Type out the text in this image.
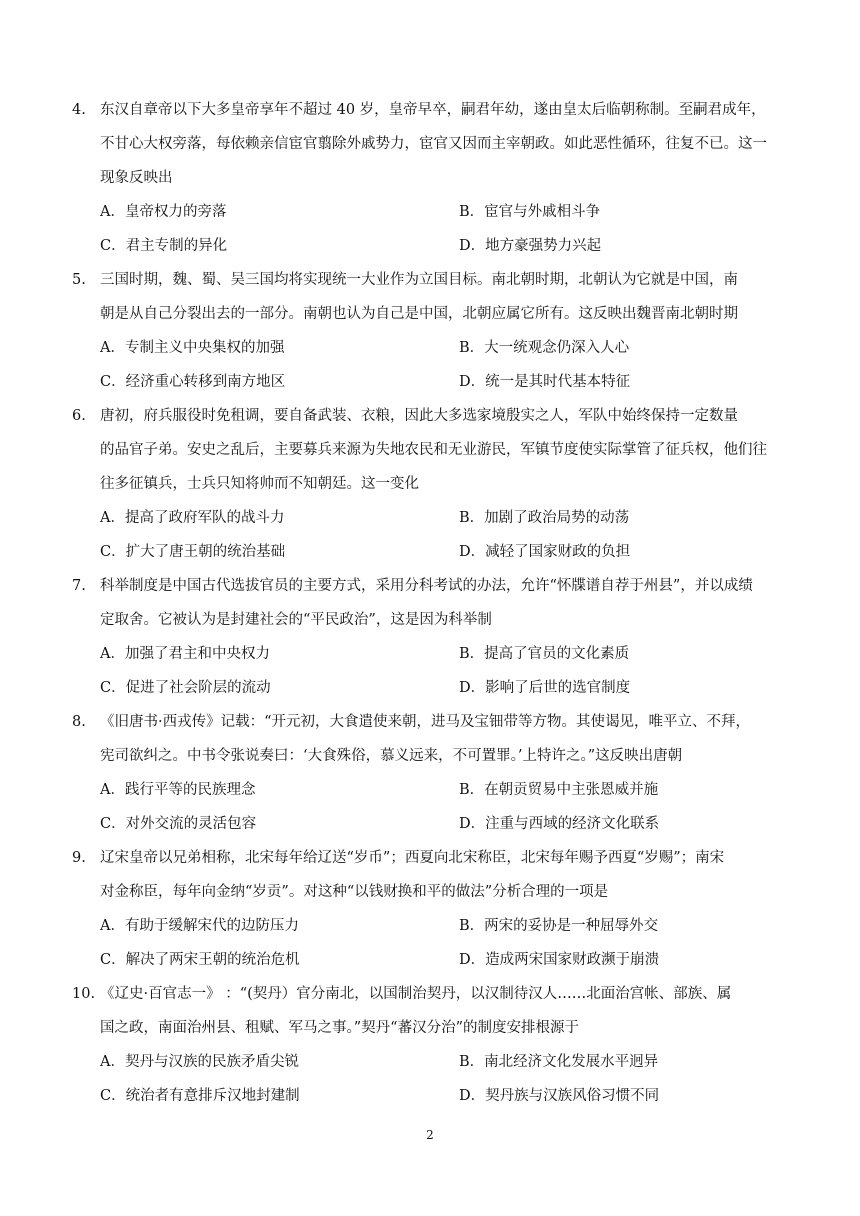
4. 东汉自章帝以下大多皇帝享年不超过 40 岁，皇帝早卒，嗣君年幼，遂由皇太后临朝称制。至嗣君成年，
不甘心大权旁落，每依赖亲信宦官翦除外戚势力，宦官又因而主宰朝政。如此恶性循环，往复不已。这一
现象反映出
A．皇帝权力的旁落	B．宦官与外戚相斗争
C．君主专制的异化	D．地方豪强势力兴起
5. 三国时期，魏、蜀、吴三国均将实现统一大业作为立国目标。南北朝时期，北朝认为它就是中国，南
朝是从自己分裂出去的一部分。南朝也认为自己是中国，北朝应属它所有。这反映出魏晋南北朝时期
A．专制主义中央集权的加强	B．大一统观念仍深入人心
C．经济重心转移到南方地区	D．统一是其时代基本特征
6. 唐初，府兵服役时免租调，要自备武装、衣粮，因此大多选家境殷实之人，军队中始终保持一定数量
的品官子弟。安史之乱后，主要募兵来源为失地农民和无业游民，军镇节度使实际掌管了征兵权，他们往
往多征镇兵，士兵只知将帅而不知朝廷。这一变化
A．提高了政府军队的战斗力	B．加剧了政治局势的动荡
C．扩大了唐王朝的统治基础	D．减轻了国家财政的负担
7. 科举制度是中国古代选拔官员的主要方式，采用分科考试的办法，允许“怀牒谱自荐于州县”，并以成绩
定取舍。它被认为是封建社会的“平民政治”，这是因为科举制
A．加强了君主和中央权力	B．提高了官员的文化素质
C．促进了社会阶层的流动	D．影响了后世的选官制度
8. 《旧唐书·西戎传》记载：“开元初，大食遣使来朝，进马及宝钿带等方物。其使谒见，唯平立、不拜，
宪司欲纠之。中书令张说奏曰：‘大食殊俗，慕义远来，不可置罪。’上特许之。”这反映出唐朝
A．践行平等的民族理念	B．在朝贡贸易中主张恩威并施
C．对外交流的灵活包容	D．注重与西域的经济文化联系
9. 辽宋皇帝以兄弟相称，北宋每年给辽送“岁币”；西夏向北宋称臣，北宋每年赐予西夏“岁赐”；南宋
对金称臣，每年向金纳“岁贡”。对这种“以钱财换和平的做法”分析合理的一项是
A．有助于缓解宋代的边防压力	B．两宋的妥协是一种屈辱外交
C．解决了两宋王朝的统治危机	D．造成两宋国家财政濒于崩溃
10. 《辽史·百官志一》 ：“(契丹）官分南北，以国制治契丹，以汉制待汉人……北面治宫帐、部族、属
国之政，南面治州县、租赋、军马之事。”契丹“蕃汉分治”的制度安排根源于
A．契丹与汉族的民族矛盾尖锐	B．南北经济文化发展水平迥异
C．统治者有意排斥汉地封建制	D．契丹族与汉族风俗习惯不同
2
